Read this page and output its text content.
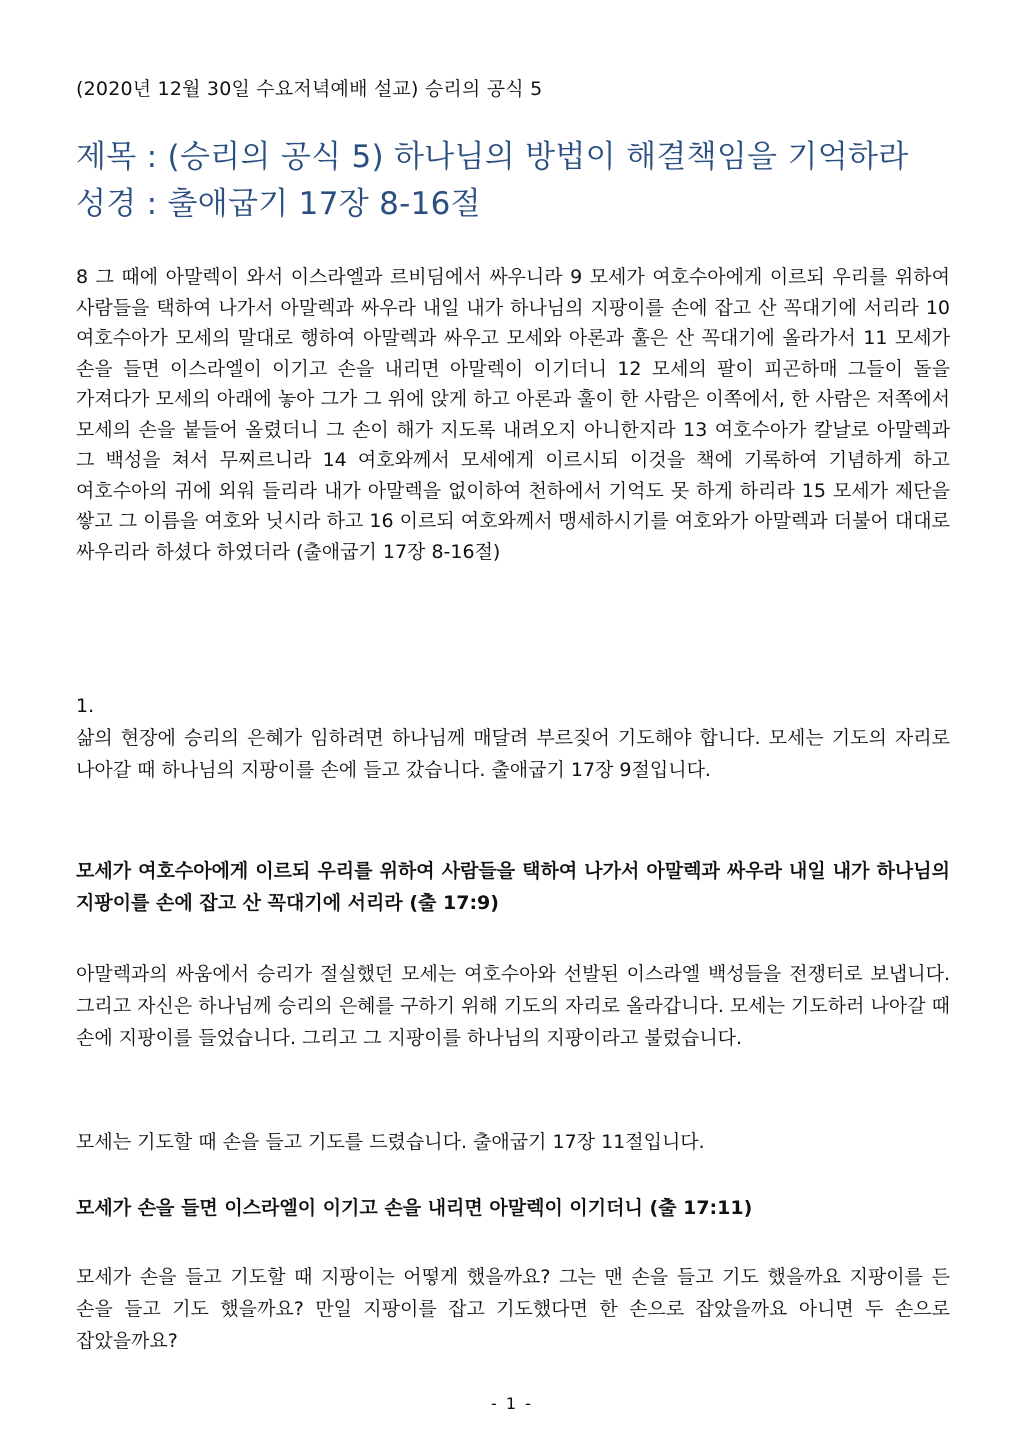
(2020년 12월 30일 수요저녁예배 설교) 승리의 공식 5
제목 : (승리의 공식 5) 하나님의 방법이 해결책임을 기억하라
성경 : 출애굽기 17장 8-16절
8 그 때에 아말렉이 와서 이스라엘과 르비딤에서 싸우니라 9 모세가 여호수아에게 이르되 우리를 위하여 사람들을 택하여 나가서 아말렉과 싸우라 내일 내가 하나님의 지팡이를 손에 잡고 산 꼭대기에 서리라 10 여호수아가 모세의 말대로 행하여 아말렉과 싸우고 모세와 아론과 훌은 산 꼭대기에 올라가서 11 모세가 손을 들면 이스라엘이 이기고 손을 내리면 아말렉이 이기더니 12 모세의 팔이 피곤하매 그들이 돌을 가져다가 모세의 아래에 놓아 그가 그 위에 앉게 하고 아론과 훌이 한 사람은 이쪽에서, 한 사람은 저쪽에서 모세의 손을 붙들어 올렸더니 그 손이 해가 지도록 내려오지 아니한지라 13 여호수아가 칼날로 아말렉과 그 백성을 쳐서 무찌르니라 14 여호와께서 모세에게 이르시되 이것을 책에 기록하여 기념하게 하고 여호수아의 귀에 외워 들리라 내가 아말렉을 없이하여 천하에서 기억도 못 하게 하리라 15 모세가 제단을 쌓고 그 이름을 여호와 닛시라 하고 16 이르되 여호와께서 맹세하시기를 여호와가 아말렉과 더불어 대대로 싸우리라 하셨다 하였더라 (출애굽기 17장 8-16절)
1.
삶의 현장에 승리의 은혜가 임하려면 하나님께 매달려 부르짖어 기도해야 합니다. 모세는 기도의 자리로 나아갈 때 하나님의 지팡이를 손에 들고 갔습니다. 출애굽기 17장 9절입니다.
모세가 여호수아에게 이르되 우리를 위하여 사람들을 택하여 나가서 아말렉과 싸우라 내일 내가 하나님의 지팡이를 손에 잡고 산 꼭대기에 서리라 (출 17:9)
아말렉과의 싸움에서 승리가 절실했던 모세는 여호수아와 선발된 이스라엘 백성들을 전쟁터로 보냅니다. 그리고 자신은 하나님께 승리의 은혜를 구하기 위해 기도의 자리로 올라갑니다. 모세는 기도하러 나아갈 때 손에 지팡이를 들었습니다. 그리고 그 지팡이를 하나님의 지팡이라고 불렀습니다.
모세는 기도할 때 손을 들고 기도를 드렸습니다. 출애굽기 17장 11절입니다.
모세가 손을 들면 이스라엘이 이기고 손을 내리면 아말렉이 이기더니 (출 17:11)
모세가 손을 들고 기도할 때 지팡이는 어떻게 했을까요? 그는 맨 손을 들고 기도 했을까요 지팡이를 든 손을 들고 기도 했을까요? 만일 지팡이를 잡고 기도했다면 한 손으로 잡았을까요 아니면 두 손으로 잡았을까요?
- 1 -
